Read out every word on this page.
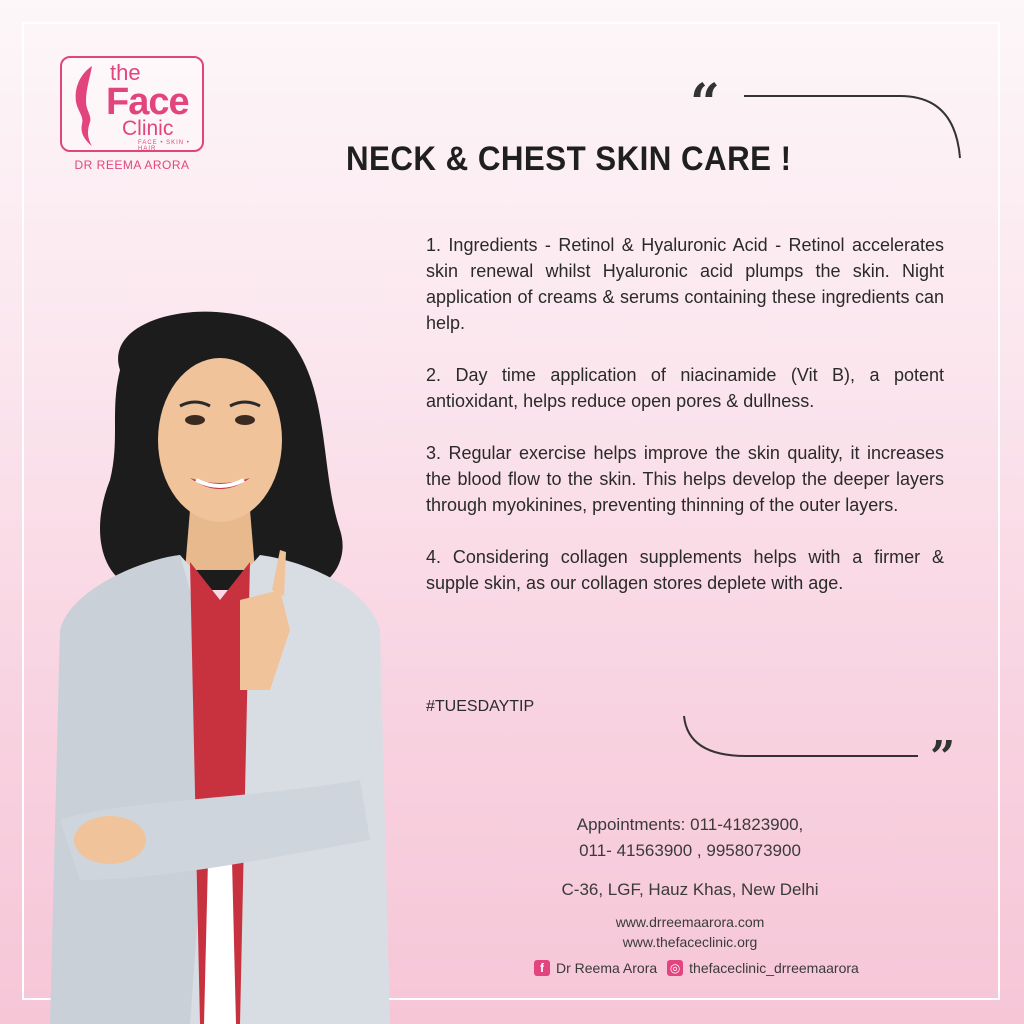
the
Face
Clinic
FACE • SKIN • HAIR
DR REEMA ARORA
“
”
NECK & CHEST SKIN CARE !

1. Ingredients - Retinol & Hyaluronic Acid - Retinol accelerates skin renewal whilst Hyaluronic acid plumps the skin. Night application of creams & serums containing these ingredients can help.

2. Day time application of niacinamide (Vit B), a potent antioxidant, helps reduce open pores & dullness.

3. Regular exercise helps improve the skin quality, it increases the blood flow to the skin. This helps develop the deeper layers through myokinines, preventing thinning of the outer layers.

4. Considering collagen supplements helps with a firmer & supple skin, as our collagen stores deplete with age.

#TUESDAYTIP
Appointments: 011-41823900,
011- 41563900 , 9958073900
C-36, LGF, Hauz Khas, New Delhi
www.drreemaarora.com
www.thefaceclinic.org
f Dr Reema Arora ◎ thefaceclinic_drreemaarora
